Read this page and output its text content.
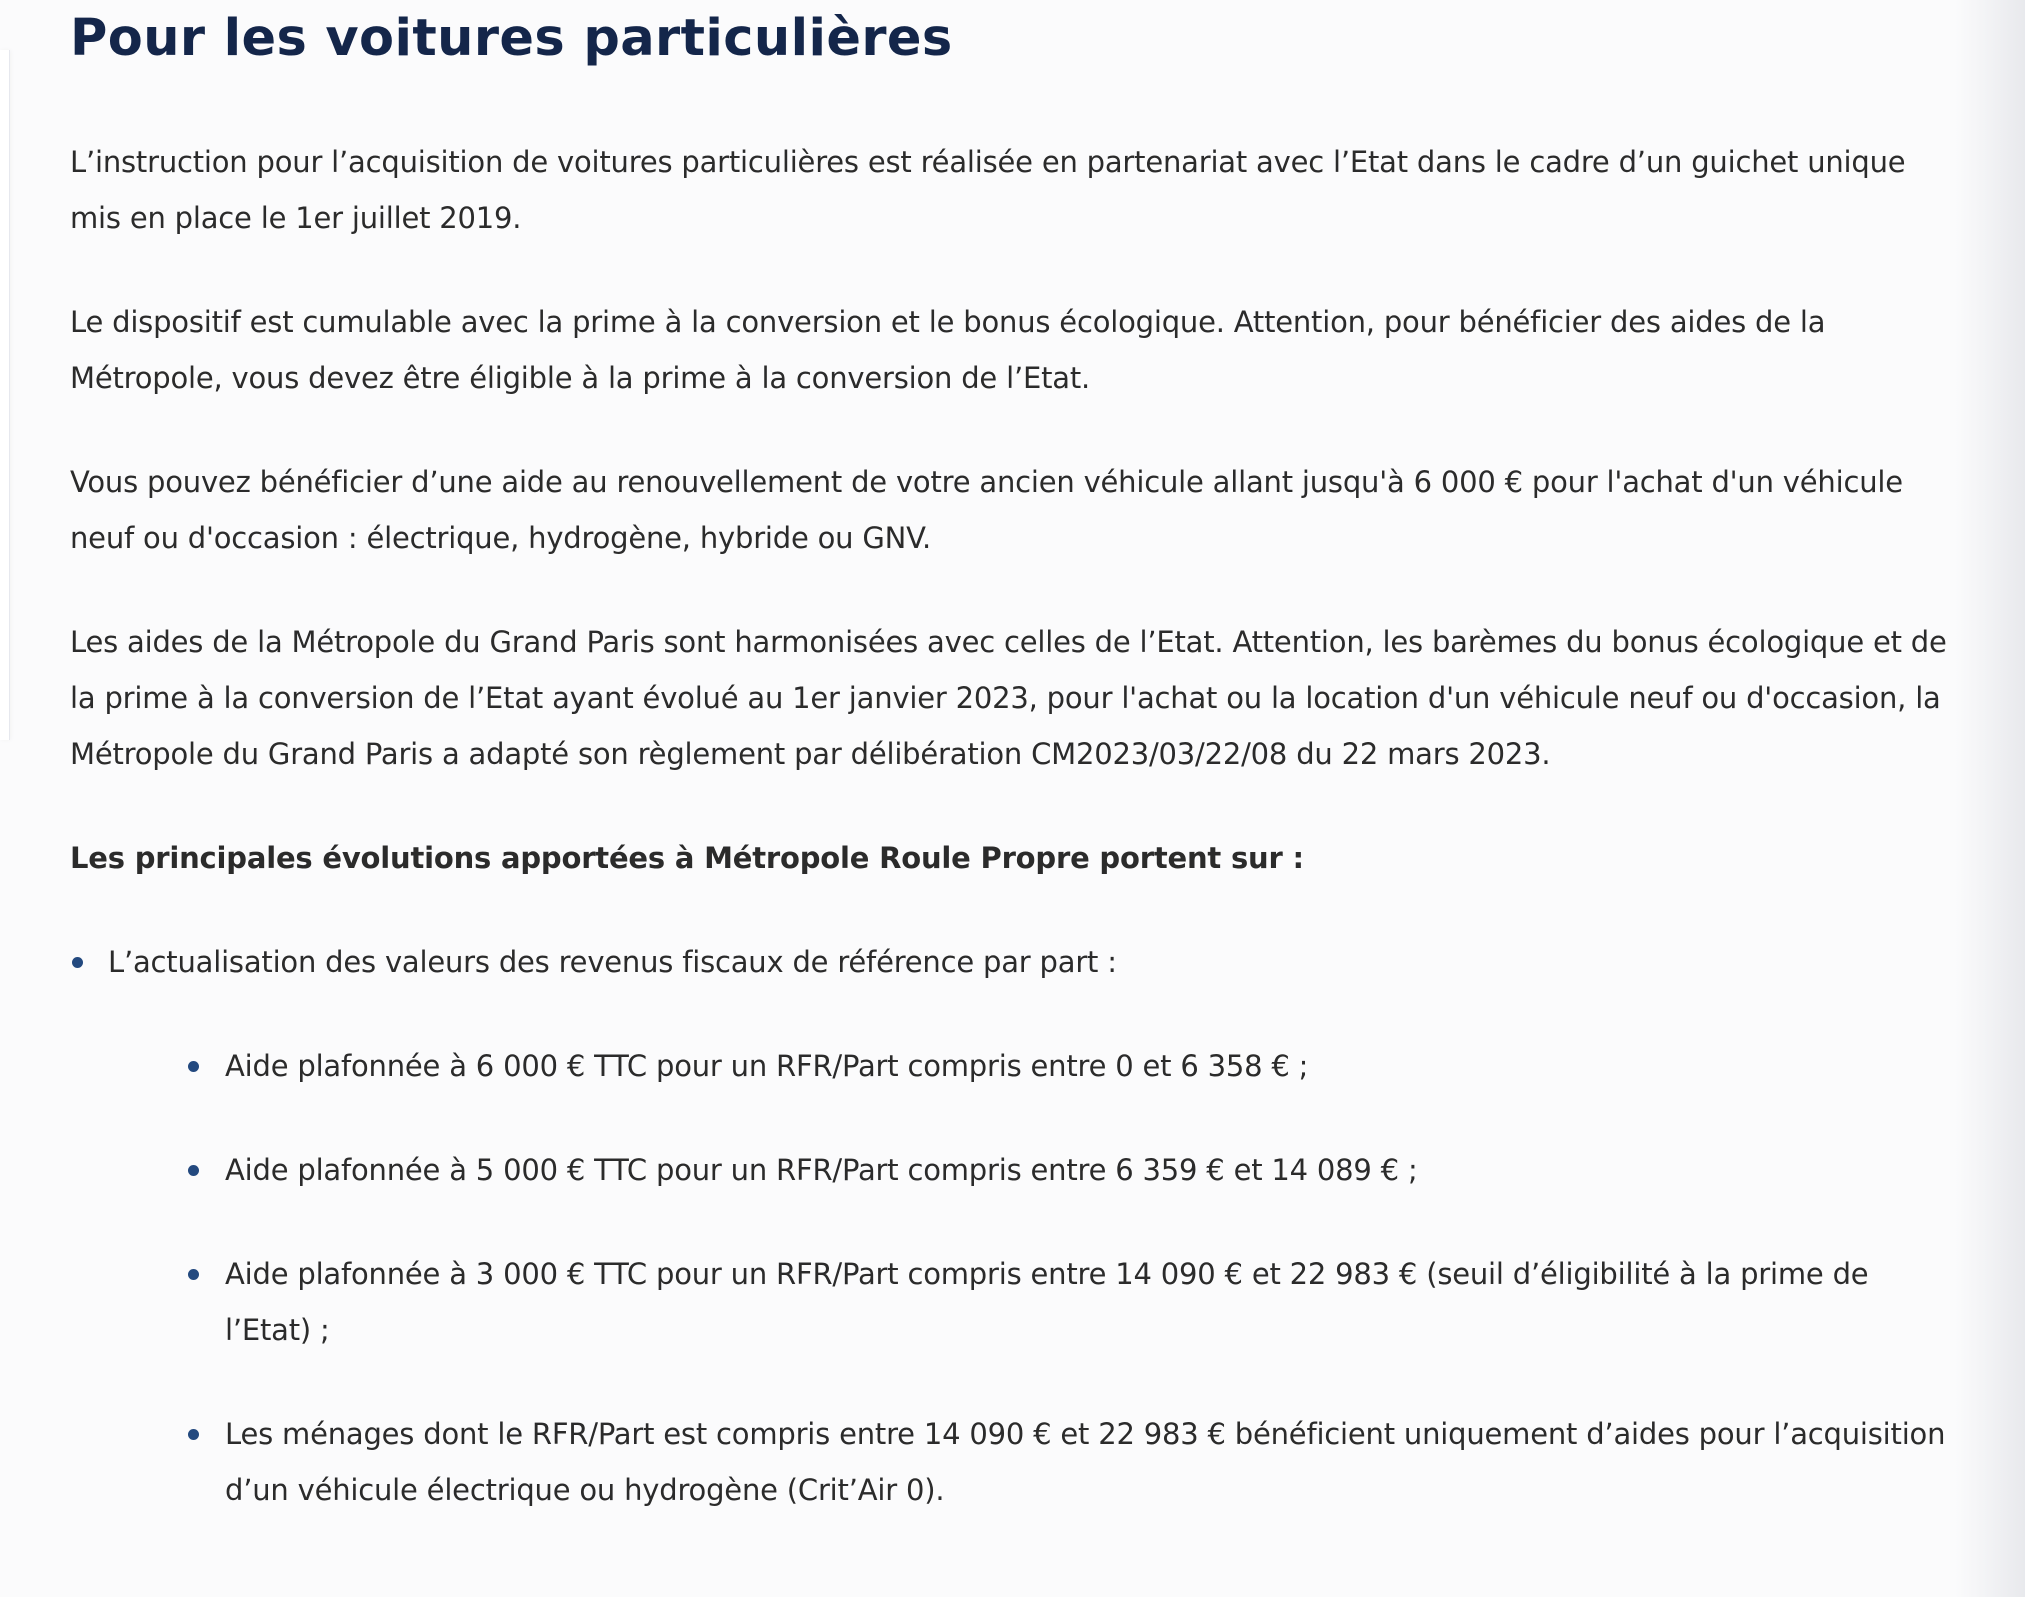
Pour les voitures particulières

L’instruction pour l’acquisition de voitures particulières est réalisée en partenariat avec l’Etat dans le cadre d’un guichet unique mis en place le 1er juillet 2019.

Le dispositif est cumulable avec la prime à la conversion et le bonus écologique. Attention, pour bénéficier des aides de la Métropole, vous devez être éligible à la prime à la conversion de l’Etat.

Vous pouvez bénéficier d’une aide au renouvellement de votre ancien véhicule allant jusqu'à 6 000 € pour l'achat d'un véhicule neuf ou d'occasion : électrique, hydrogène, hybride ou GNV.

Les aides de la Métropole du Grand Paris sont harmonisées avec celles de l’Etat. Attention, les barèmes du bonus écologique et de la prime à la conversion de l’Etat ayant évolué au 1er janvier 2023, pour l'achat ou la location d'un véhicule neuf ou d'occasion, la Métropole du Grand Paris a adapté son règlement par délibération CM2023/03/22/08 du 22 mars 2023.

Les principales évolutions apportées à Métropole Roule Propre portent sur :

L’actualisation des valeurs des revenus fiscaux de référence par part :
Aide plafonnée à 6 000 € TTC pour un RFR/Part compris entre 0 et 6 358 € ;
Aide plafonnée à 5 000 € TTC pour un RFR/Part compris entre 6 359 € et 14 089 € ;
Aide plafonnée à 3 000 € TTC pour un RFR/Part compris entre 14 090 € et 22 983 € (seuil d’éligibilité à la prime de l’Etat) ;
Les ménages dont le RFR/Part est compris entre 14 090 € et 22 983 € bénéficient uniquement d’aides pour l’acquisition d’un véhicule électrique ou hydrogène (Crit’Air 0).
